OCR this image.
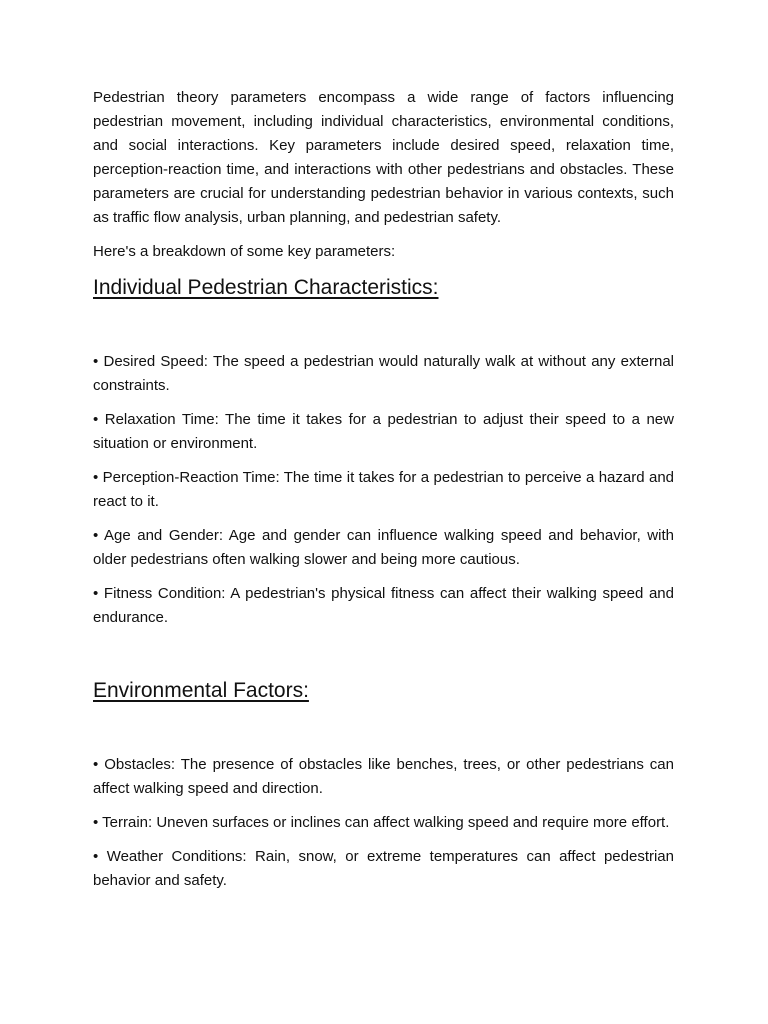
Pedestrian theory parameters encompass a wide range of factors influencing pedestrian movement, including individual characteristics, environmental conditions, and social interactions. Key parameters include desired speed, relaxation time, perception-reaction time, and interactions with other pedestrians and obstacles. These parameters are crucial for understanding pedestrian behavior in various contexts, such as traffic flow analysis, urban planning, and pedestrian safety.

Here's a breakdown of some key parameters:

Individual Pedestrian Characteristics:

• Desired Speed: The speed a pedestrian would naturally walk at without any external constraints.

• Relaxation Time: The time it takes for a pedestrian to adjust their speed to a new situation or environment.

• Perception-Reaction Time: The time it takes for a pedestrian to perceive a hazard and react to it.

• Age and Gender: Age and gender can influence walking speed and behavior, with older pedestrians often walking slower and being more cautious.

• Fitness Condition: A pedestrian's physical fitness can affect their walking speed and endurance.

Environmental Factors:

• Obstacles: The presence of obstacles like benches, trees, or other pedestrians can affect walking speed and direction.

• Terrain: Uneven surfaces or inclines can affect walking speed and require more effort.

• Weather Conditions: Rain, snow, or extreme temperatures can affect pedestrian behavior and safety.
